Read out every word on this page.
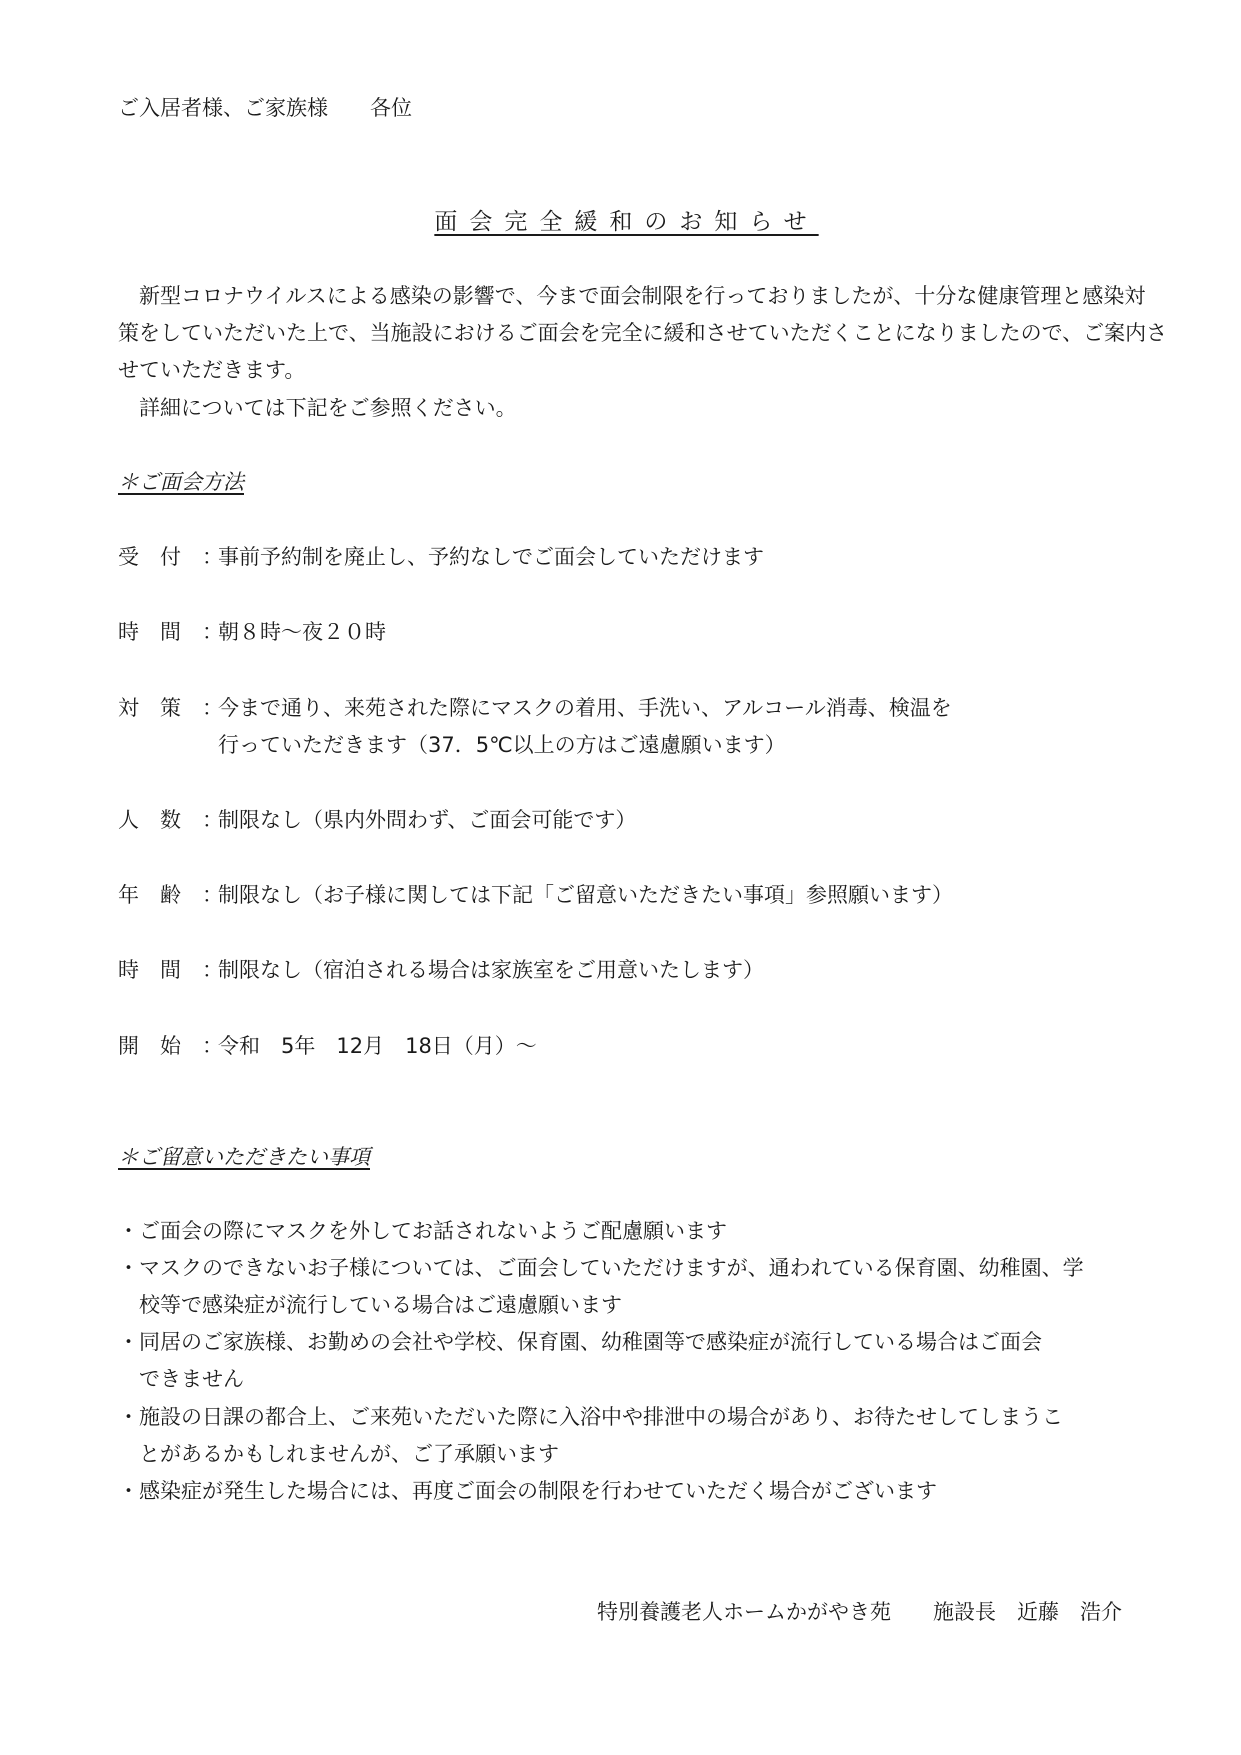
ご入居者様、ご家族様　　各位
面会完全緩和のお知らせ
　新型コロナウイルスによる感染の影響で、今まで面会制限を行っておりましたが、十分な健康管理と感染対
策をしていただいた上で、当施設におけるご面会を完全に緩和させていただくことになりましたので、ご案内さ
せていただきます。
　詳細については下記をご参照ください。
＊ご面会方法
受　付　：
事前予約制を廃止し、予約なしでご面会していただけます
時　間　：
朝８時～夜２０時
対　策　：
今まで通り、来苑された際にマスクの着用、手洗い、アルコール消毒、検温を
行っていただきます（37．5℃以上の方はご遠慮願います）
人　数　：
制限なし（県内外問わず、ご面会可能です）
年　齢　：
制限なし（お子様に関しては下記「ご留意いただきたい事項」参照願います）
時　間　：
制限なし（宿泊される場合は家族室をご用意いたします）
開　始　：
令和　5年　12月　18日（月）～
＊ご留意いただきたい事項
・ご面会の際にマスクを外してお話されないようご配慮願います
・マスクのできないお子様については、ご面会していただけますが、通われている保育園、幼稚園、学
　校等で感染症が流行している場合はご遠慮願います
・同居のご家族様、お勤めの会社や学校、保育園、幼稚園等で感染症が流行している場合はご面会
　できません
・施設の日課の都合上、ご来苑いただいた際に入浴中や排泄中の場合があり、お待たせしてしまうこ
　とがあるかもしれませんが、ご了承願います
・感染症が発生した場合には、再度ご面会の制限を行わせていただく場合がございます
特別養護老人ホームかがやき苑　　施設長　近藤　浩介
